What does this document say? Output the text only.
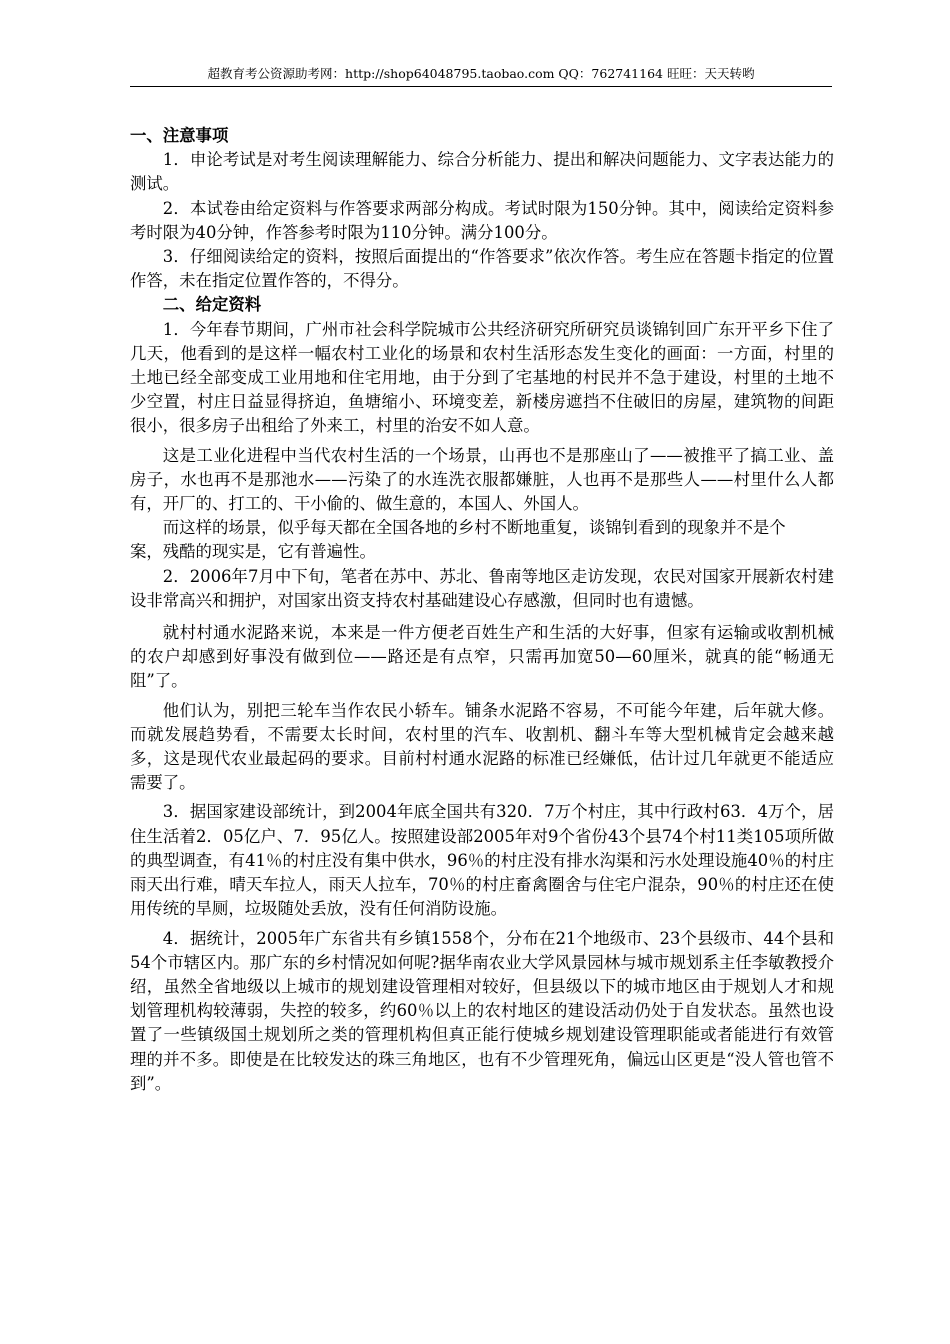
超教育考公资源助考网：http://shop64048795.taobao.com QQ：762741164 旺旺：天天转哟

一、注意事项

1．申论考试是对考生阅读理解能力、综合分析能力、提出和解决问题能力、文字表达能力的测试。

2．本试卷由给定资料与作答要求两部分构成。考试时限为150分钟。其中，阅读给定资料参考时限为40分钟，作答参考时限为110分钟。满分100分。

3．仔细阅读给定的资料，按照后面提出的“作答要求”依次作答。考生应在答题卡指定的位置作答，未在指定位置作答的，不得分。

二、给定资料

1．今年春节期间，广州市社会科学院城市公共经济研究所研究员谈锦钊回广东开平乡下住了几天，他看到的是这样一幅农村工业化的场景和农村生活形态发生变化的画面：一方面，村里的土地已经全部变成工业用地和住宅用地，由于分到了宅基地的村民并不急于建设，村里的土地不少空置，村庄日益显得挤迫，鱼塘缩小、环境变差，新楼房遮挡不住破旧的房屋，建筑物的间距很小，很多房子出租给了外来工，村里的治安不如人意。

这是工业化进程中当代农村生活的一个场景，山再也不是那座山了——被推平了搞工业、盖房子，水也再不是那池水——污染了的水连洗衣服都嫌脏，人也再不是那些人——村里什么人都有，开厂的、打工的、干小偷的、做生意的，本国人、外国人。

而这样的场景，似乎每天都在全国各地的乡村不断地重复，谈锦钊看到的现象并不是个

案，残酷的现实是，它有普遍性。

2．2006年7月中下旬，笔者在苏中、苏北、鲁南等地区走访发现，农民对国家开展新农村建设非常高兴和拥护，对国家出资支持农村基础建设心存感激，但同时也有遗憾。

就村村通水泥路来说，本来是一件方便老百姓生产和生活的大好事，但家有运输或收割机械的农户却感到好事没有做到位——路还是有点窄，只需再加宽50—60厘米，就真的能“畅通无阻”了。

他们认为，别把三轮车当作农民小轿车。铺条水泥路不容易，不可能今年建，后年就大修。而就发展趋势看，不需要太长时间，农村里的汽车、收割机、翻斗车等大型机械肯定会越来越多，这是现代农业最起码的要求。目前村村通水泥路的标准已经嫌低，估计过几年就更不能适应需要了。

3．据国家建设部统计，到2004年底全国共有320．7万个村庄，其中行政村63．4万个，居住生活着2．05亿户、7．95亿人。按照建设部2005年对9个省份43个县74个村11类105项所做的典型调查，有41％的村庄没有集中供水，96％的村庄没有排水沟渠和污水处理设施40％的村庄雨天出行难，晴天车拉人，雨天人拉车，70％的村庄畜禽圈舍与住宅户混杂，90％的村庄还在使用传统的旱厕，垃圾随处丢放，没有任何消防设施。

4．据统计，2005年广东省共有乡镇1558个，分布在21个地级市、23个县级市、44个县和54个市辖区内。那广东的乡村情况如何呢?据华南农业大学风景园林与城市规划系主任李敏教授介绍，虽然全省地级以上城市的规划建设管理相对较好，但县级以下的城市地区由于规划人才和规划管理机构较薄弱，失控的较多，约60％以上的农村地区的建设活动仍处于自发状态。虽然也设置了一些镇级国土规划所之类的管理机构但真正能行使城乡规划建设管理职能或者能进行有效管理的并不多。即使是在比较发达的珠三角地区，也有不少管理死角，偏远山区更是“没人管也管不到”。
